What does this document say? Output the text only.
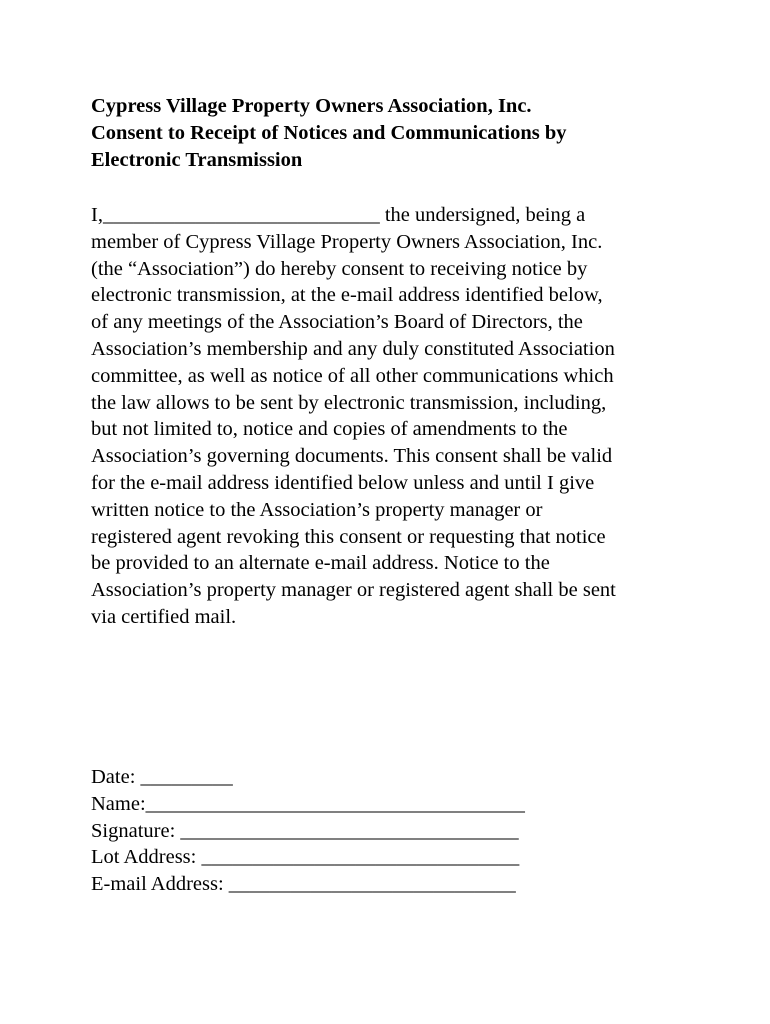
Cypress Village Property Owners Association, Inc.
Consent to Receipt of Notices and Communications by
Electronic Transmission
I,___________________________ the undersigned, being a
member of Cypress Village Property Owners Association, Inc.
(the “Association”) do hereby consent to receiving notice by
electronic transmission, at the e-mail address identified below,
of any meetings of the Association’s Board of Directors, the
Association’s membership and any duly constituted Association
committee, as well as notice of all other communications which
the law allows to be sent by electronic transmission, including,
but not limited to, notice and copies of amendments to the
Association’s governing documents. This consent shall be valid
for the e-mail address identified below unless and until I give
written notice to the Association’s property manager or
registered agent revoking this consent or requesting that notice
be provided to an alternate e-mail address. Notice to the
Association’s property manager or registered agent shall be sent
via certified mail.
Date: _________
Name:_____________________________________
Signature: _________________________________
Lot Address: _______________________________
E-mail Address: ____________________________
